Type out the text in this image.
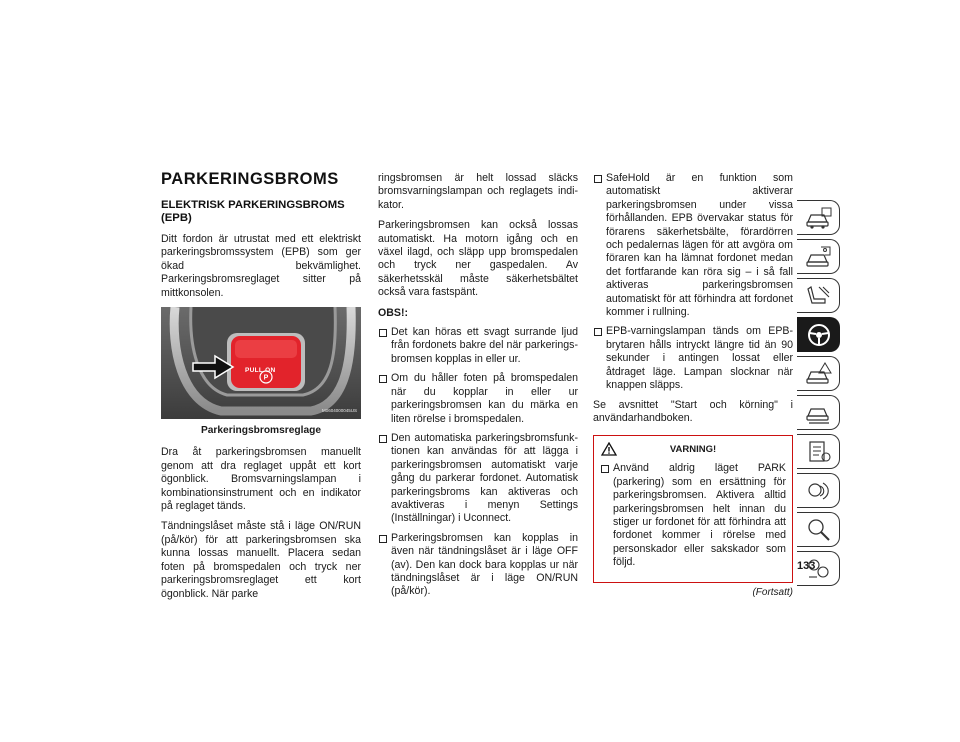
PARKERINGSBROMS
ELEKTRISK PARKERINGSBROMS (EPB)

Ditt fordon är utrustat med ett elektriskt parkeringsbromssystem (EPB) som ger ökad bekvämlighet. Parkeringsbromsreglaget sitter på mittkonsolen.

P
PULL ON
M0604000045US
Parkeringsbromsreglage

Dra åt parkeringsbromsen manuellt genom att dra reglaget uppåt ett kort ögonblick. Bromsvarningslampan i kombinationsinstrument och en indikator på reglaget tänds.

Tändningslåset måste stå i läge ON/RUN (på/kör) för att parkeringsbromsen ska kunna lossas manuellt. Placera sedan foten på bromspedalen och tryck ner parkeringsbromsreglaget ett kort ögonblick. När parke

ringsbromsen är helt lossad släcks bromsvarningslampan och reglagets indikator.

Parkeringsbromsen kan också lossas automatiskt. Ha motorn igång och en växel ilagd, och släpp upp bromspedalen och tryck ner gaspedalen. Av säkerhetsskäl måste säkerhetsbältet också vara fastspänt.

OBS!:
Det kan höras ett svagt surrande ljud från fordonets bakre del när parkeringsbromsen kopplas in eller ur.
Om du håller foten på bromspedalen när du kopplar in eller ur parkeringsbromsen kan du märka en liten rörelse i bromspedalen.
Den automatiska parkeringsbromsfunktionen kan användas för att lägga i parkeringsbromsen automatiskt varje gång du parkerar fordonet. Automatisk parkeringsbroms kan aktiveras och avaktiveras i menyn Settings (Inställningar) i Uconnect.
Parkeringsbromsen kan kopplas in även när tändningslåset är i läge OFF (av). Den kan dock bara kopplas ur när tändningslåset är i läge ON/RUN (på/kör).
SafeHold är en funktion som automatiskt aktiverar parkeringsbromsen under vissa förhållanden. EPB övervakar status för förarens säkerhetsbälte, förardörren och pedalernas lägen för att avgöra om föraren kan ha lämnat fordonet medan det fortfarande kan röra sig – i så fall aktiveras parkeringsbromsen automatiskt för att förhindra att fordonet kommer i rullning.
EPB-varningslampan tänds om EPB-brytaren hålls intryckt längre tid än 90 sekunder i antingen lossat eller åtdraget läge. Lampan slocknar när knappen släpps.

Se avsnittet "Start och körning" i användarhandboken.

VARNING!
Använd aldrig läget PARK (parkering) som en ersättning för parkeringsbromsen. Aktivera alltid parkeringsbromsen helt innan du stiger ur fordonet för att förhindra att fordonet kommer i rörelse med personskador eller sakskador som följd.
(Fortsatt)
133
